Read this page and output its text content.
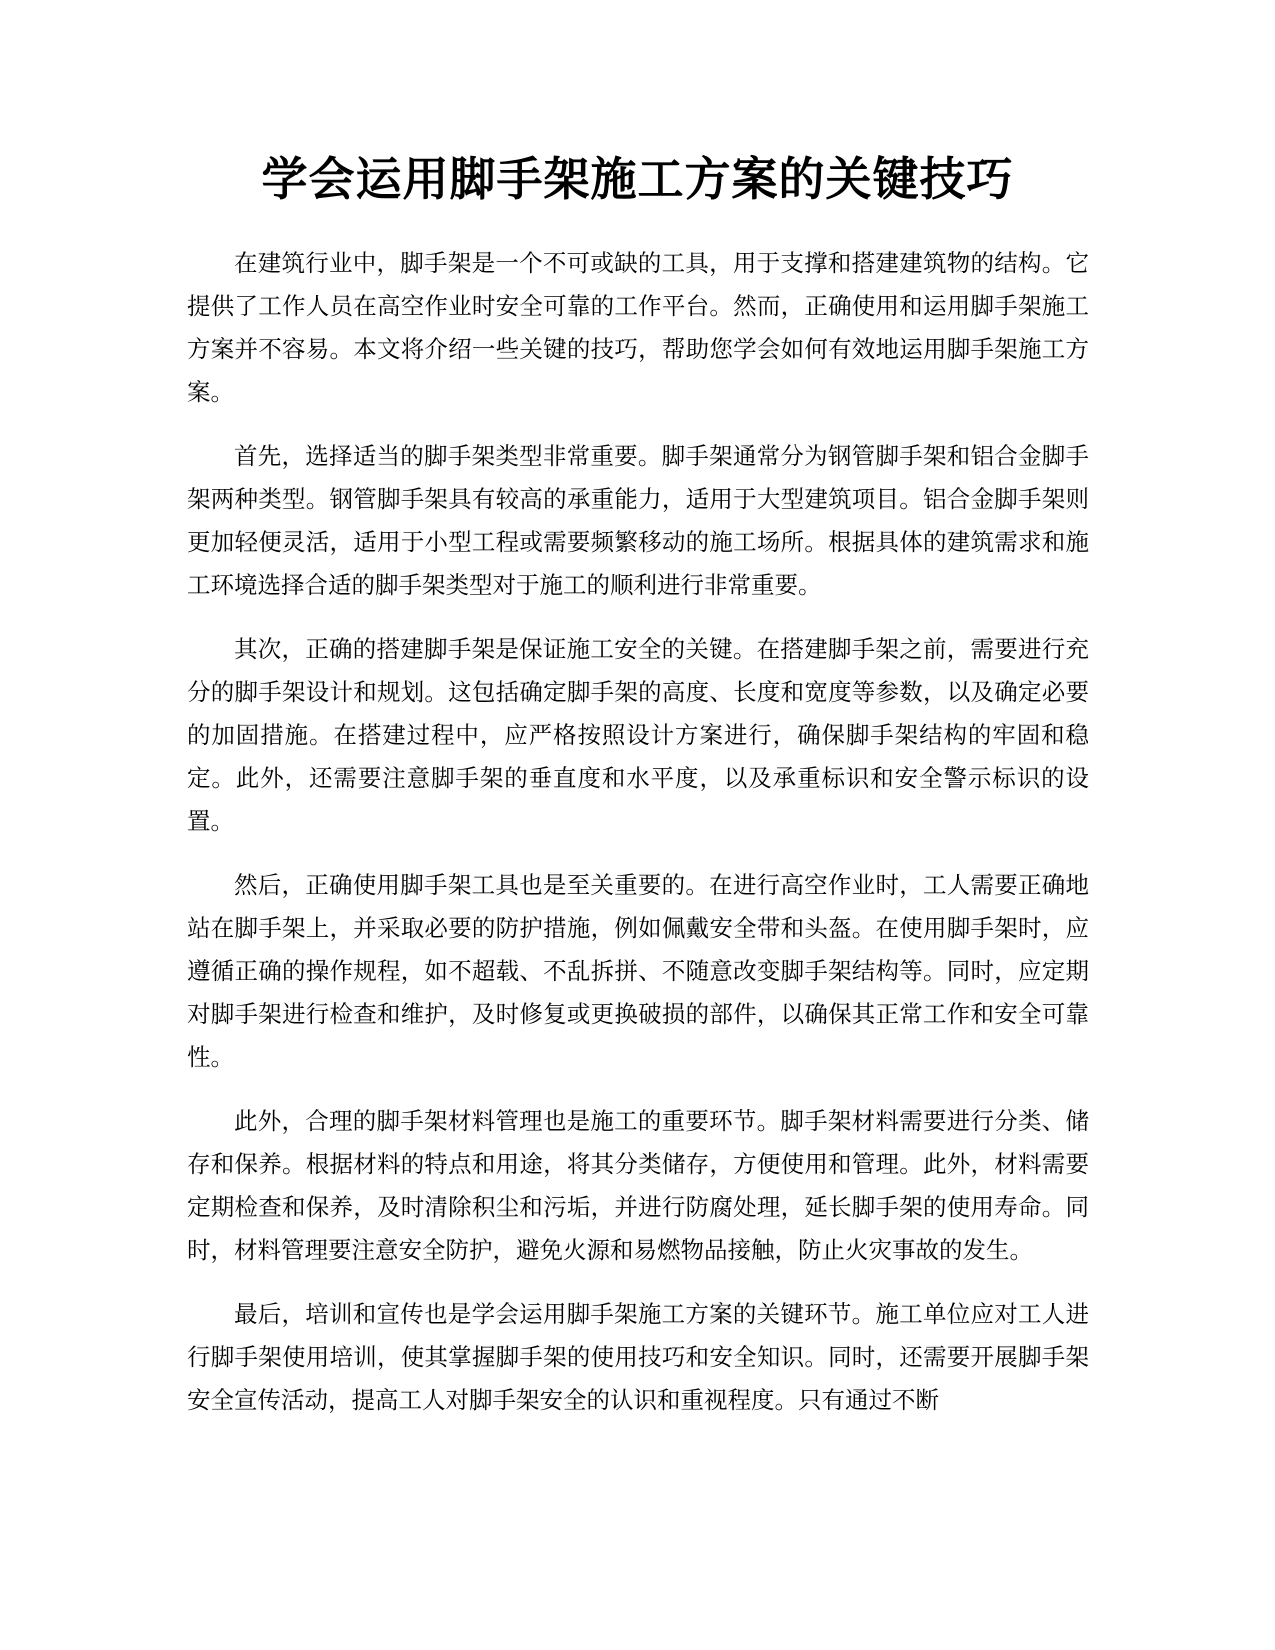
学会运用脚手架施工方案的关键技巧

在建筑行业中，脚手架是一个不可或缺的工具，用于支撑和搭建建筑物的结构。它提供了工作人员在高空作业时安全可靠的工作平台。然而，正确使用和运用脚手架施工方案并不容易。本文将介绍一些关键的技巧，帮助您学会如何有效地运用脚手架施工方案。

首先，选择适当的脚手架类型非常重要。脚手架通常分为钢管脚手架和铝合金脚手架两种类型。钢管脚手架具有较高的承重能力，适用于大型建筑项目。铝合金脚手架则更加轻便灵活，适用于小型工程或需要频繁移动的施工场所。根据具体的建筑需求和施工环境选择合适的脚手架类型对于施工的顺利进行非常重要。

其次，正确的搭建脚手架是保证施工安全的关键。在搭建脚手架之前，需要进行充分的脚手架设计和规划。这包括确定脚手架的高度、长度和宽度等参数，以及确定必要的加固措施。在搭建过程中，应严格按照设计方案进行，确保脚手架结构的牢固和稳定。此外，还需要注意脚手架的垂直度和水平度，以及承重标识和安全警示标识的设置。

然后，正确使用脚手架工具也是至关重要的。在进行高空作业时，工人需要正确地站在脚手架上，并采取必要的防护措施，例如佩戴安全带和头盔。在使用脚手架时，应遵循正确的操作规程，如不超载、不乱拆拼、不随意改变脚手架结构等。同时，应定期对脚手架进行检查和维护，及时修复或更换破损的部件，以确保其正常工作和安全可靠性。

此外，合理的脚手架材料管理也是施工的重要环节。脚手架材料需要进行分类、储存和保养。根据材料的特点和用途，将其分类储存，方便使用和管理。此外，材料需要定期检查和保养，及时清除积尘和污垢，并进行防腐处理，延长脚手架的使用寿命。同时，材料管理要注意安全防护，避免火源和易燃物品接触，防止火灾事故的发生。

最后，培训和宣传也是学会运用脚手架施工方案的关键环节。施工单位应对工人进行脚手架使用培训，使其掌握脚手架的使用技巧和安全知识。同时，还需要开展脚手架安全宣传活动，提高工人对脚手架安全的认识和重视程度。只有通过不断
